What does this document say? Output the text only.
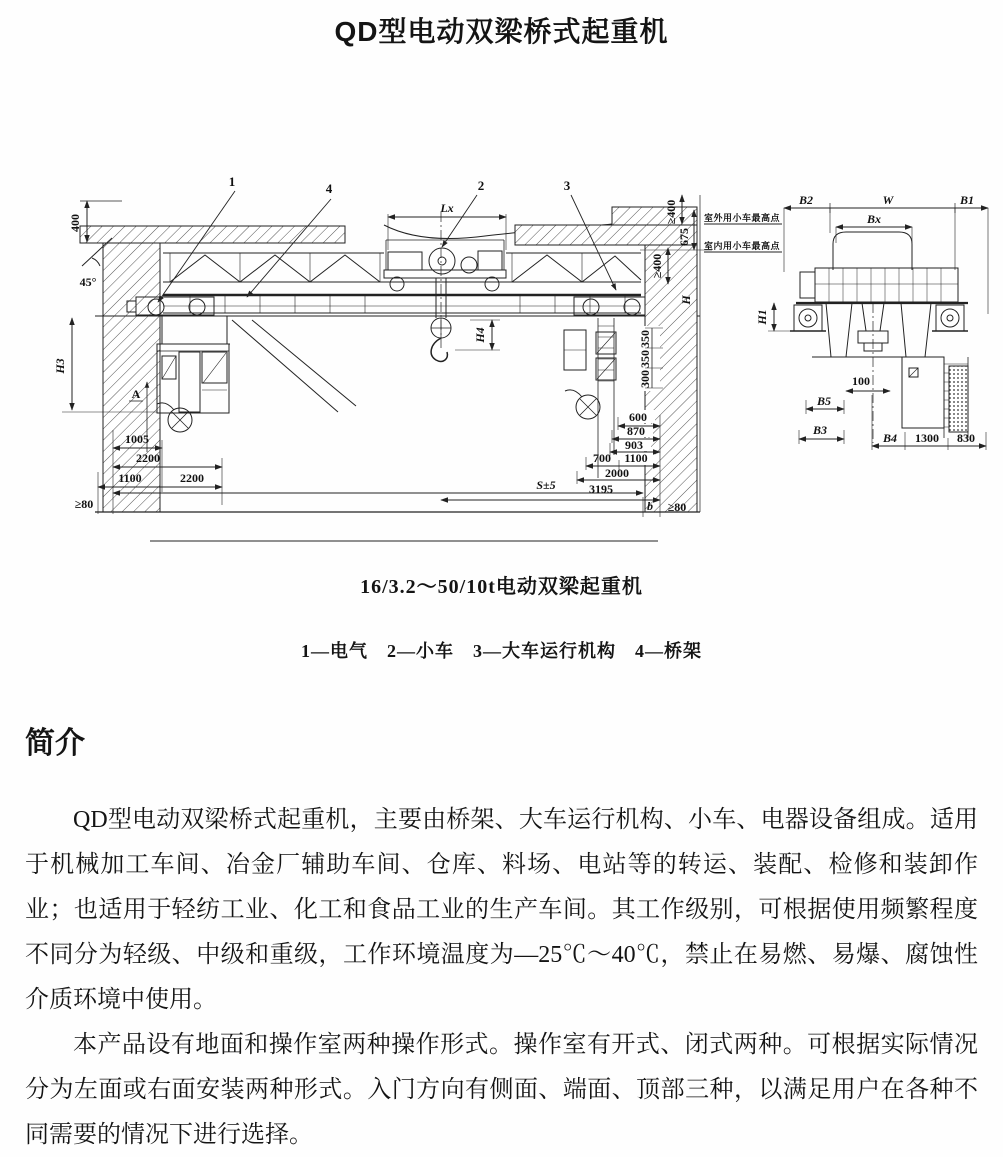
QD型电动双梁桥式起重机
1	4	2	3
Lx
400
45°
H3
A
1005
2200
1100	2200
≥80
S±5
≥400
675
≥400
H
350
350
300
600
870
903
700 1100
2000
3195
b ≥80
H4
室外用小车最高点
室内用小车最高点
B2	W	B1
Bx
H1
100
B5
B3
B4 1300 830
16/3.2～50/10t电动双梁起重机
1—电气　2—小车　3—大车运行机构　4—桥架
简介

QD型电动双梁桥式起重机，主要由桥架、大车运行机构、小车、电器设备组成。适用于机械加工车间、冶金厂辅助车间、仓库、料场、电站等的转运、装配、检修和装卸作业；也适用于轻纺工业、化工和食品工业的生产车间。其工作级别，可根据使用频繁程度不同分为轻级、中级和重级，工作环境温度为—25℃～40℃，禁止在易燃、易爆、腐蚀性介质环境中使用。

本产品设有地面和操作室两种操作形式。操作室有开式、闭式两种。可根据实际情况分为左面或右面安装两种形式。入门方向有侧面、端面、顶部三种，以满足用户在各种不同需要的情况下进行选择。
